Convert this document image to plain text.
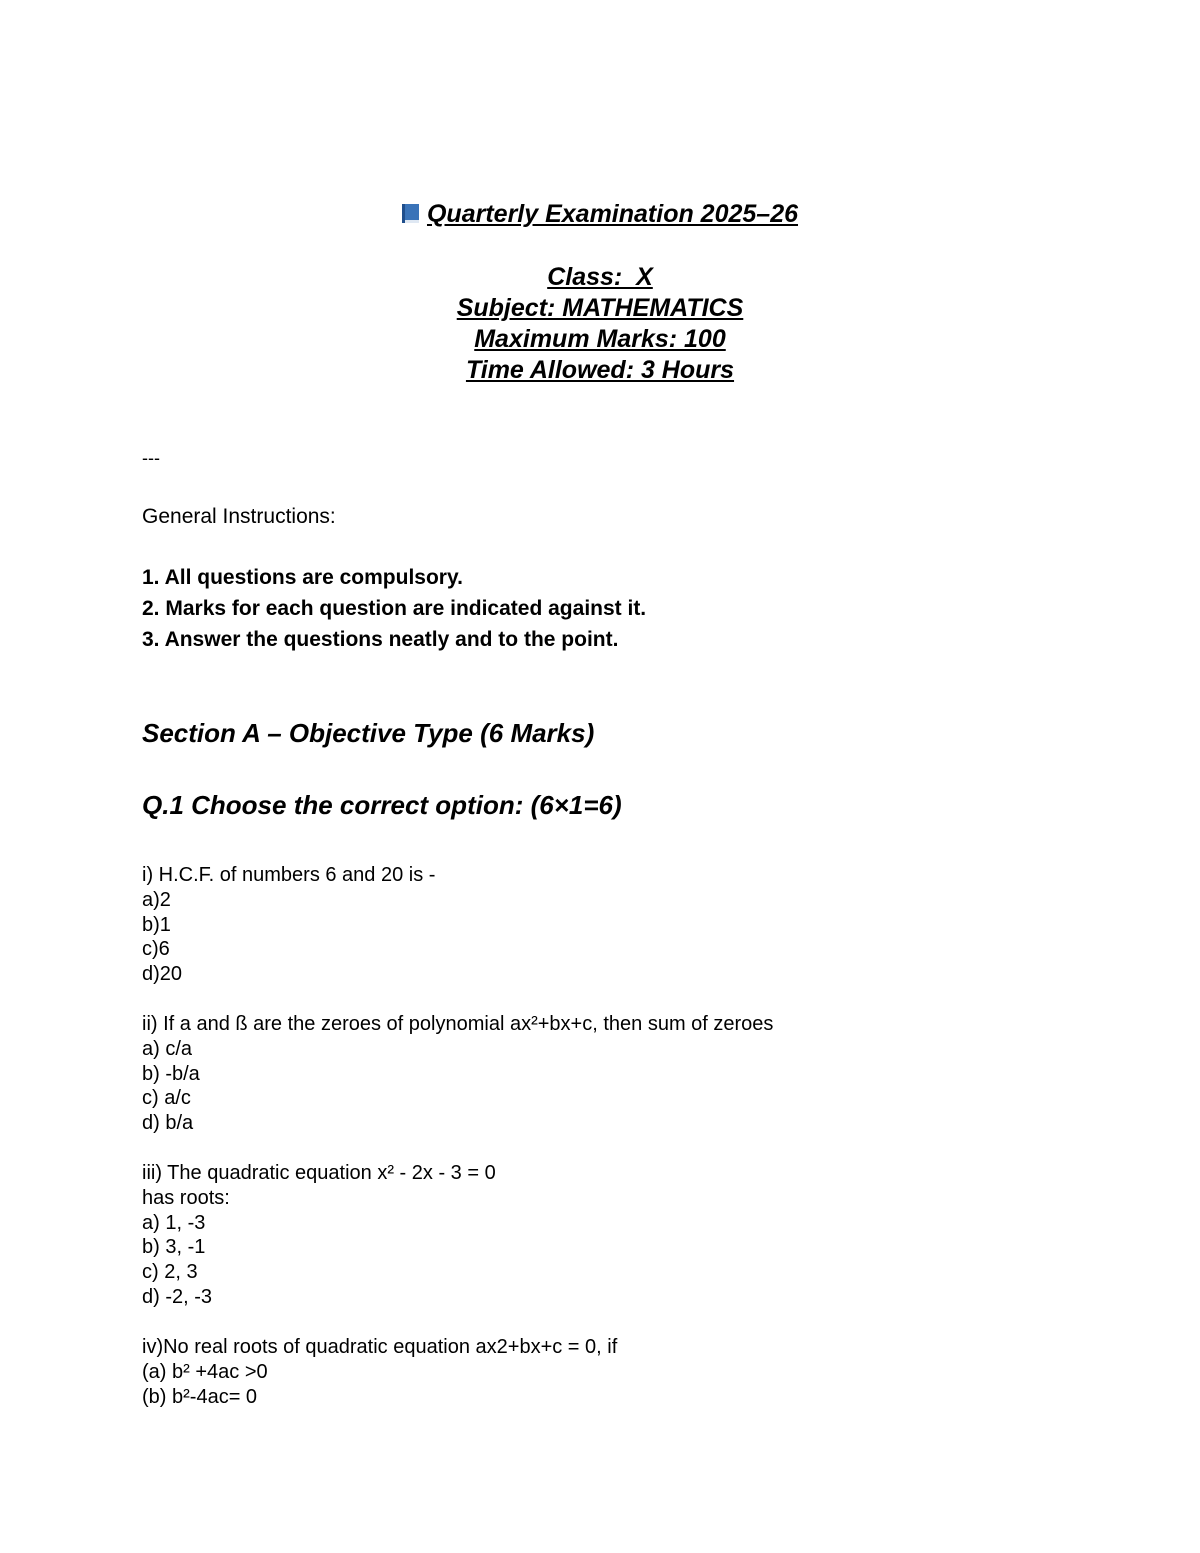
Quarterly Examination 2025–26
Class:  X
Subject: MATHEMATICS
Maximum Marks: 100
Time Allowed: 3 Hours
---
General Instructions:
1. All questions are compulsory.
2. Marks for each question are indicated against it.
3. Answer the questions neatly and to the point.
Section A – Objective Type (6 Marks)
Q.1 Choose the correct option: (6×1=6)
i) H.C.F. of numbers 6 and 20 is -
a)2
b)1
c)6
d)20
ii) If a and ß are the zeroes of polynomial ax²+bx+c, then sum of zeroes
a) c/a
b) -b/a
c) a/c
d) b/a
iii) The quadratic equation x² - 2x - 3 = 0
has roots:
a) 1, -3
b) 3, -1
c) 2, 3
d) -2, -3
iv)No real roots of quadratic equation ax2+bx+c = 0, if
(a) b² +4ac >0
(b) b²-4ac= 0
